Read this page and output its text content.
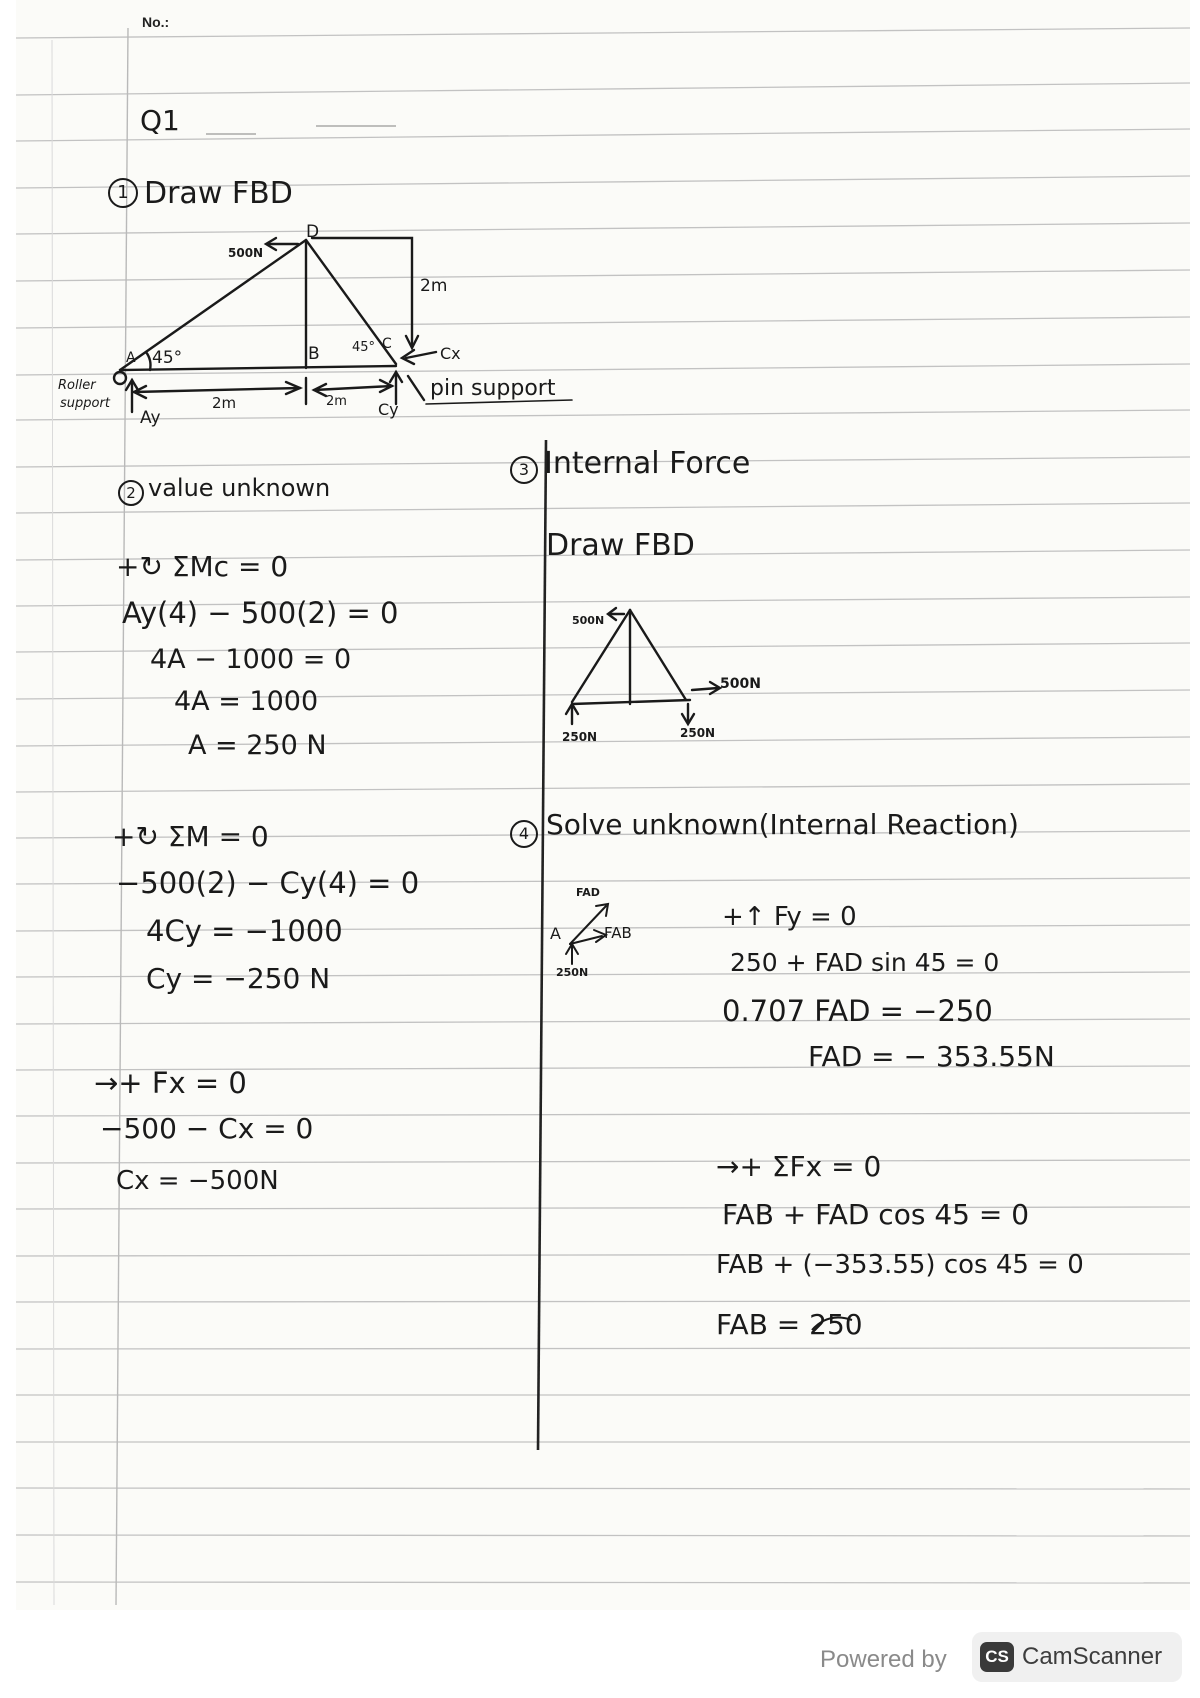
No.:
Q1
1 Draw FBD
500N
D
2m
A 45°	B 45° C	Cx
Roller
support
Ay
2m	2m Cy
pin support
2 value unknown
+↻ ΣMc = 0
Ay(4) − 500(2) = 0
4A − 1000 = 0
4A = 1000
A = 250 N
+↻ ΣM = 0
−500(2) − Cy(4) = 0
4Cy = −1000
Cy = −250 N
→+ Fx = 0
−500 − Cx = 0
Cx = −500N
3 Internal Force
Draw FBD
500N
500N
250N	250N
4 Solve unknown(Internal Reaction)
FAD
A	FAB
250N
+↑ Fy = 0
250 + FAD sin 45 = 0
0.707 FAD = −250
FAD = − 353.55N
→+ ΣFx = 0
FAB + FAD cos 45 = 0
FAB + (−353.55) cos 45 = 0
FAB = 250
Powered by	CS CamScanner
